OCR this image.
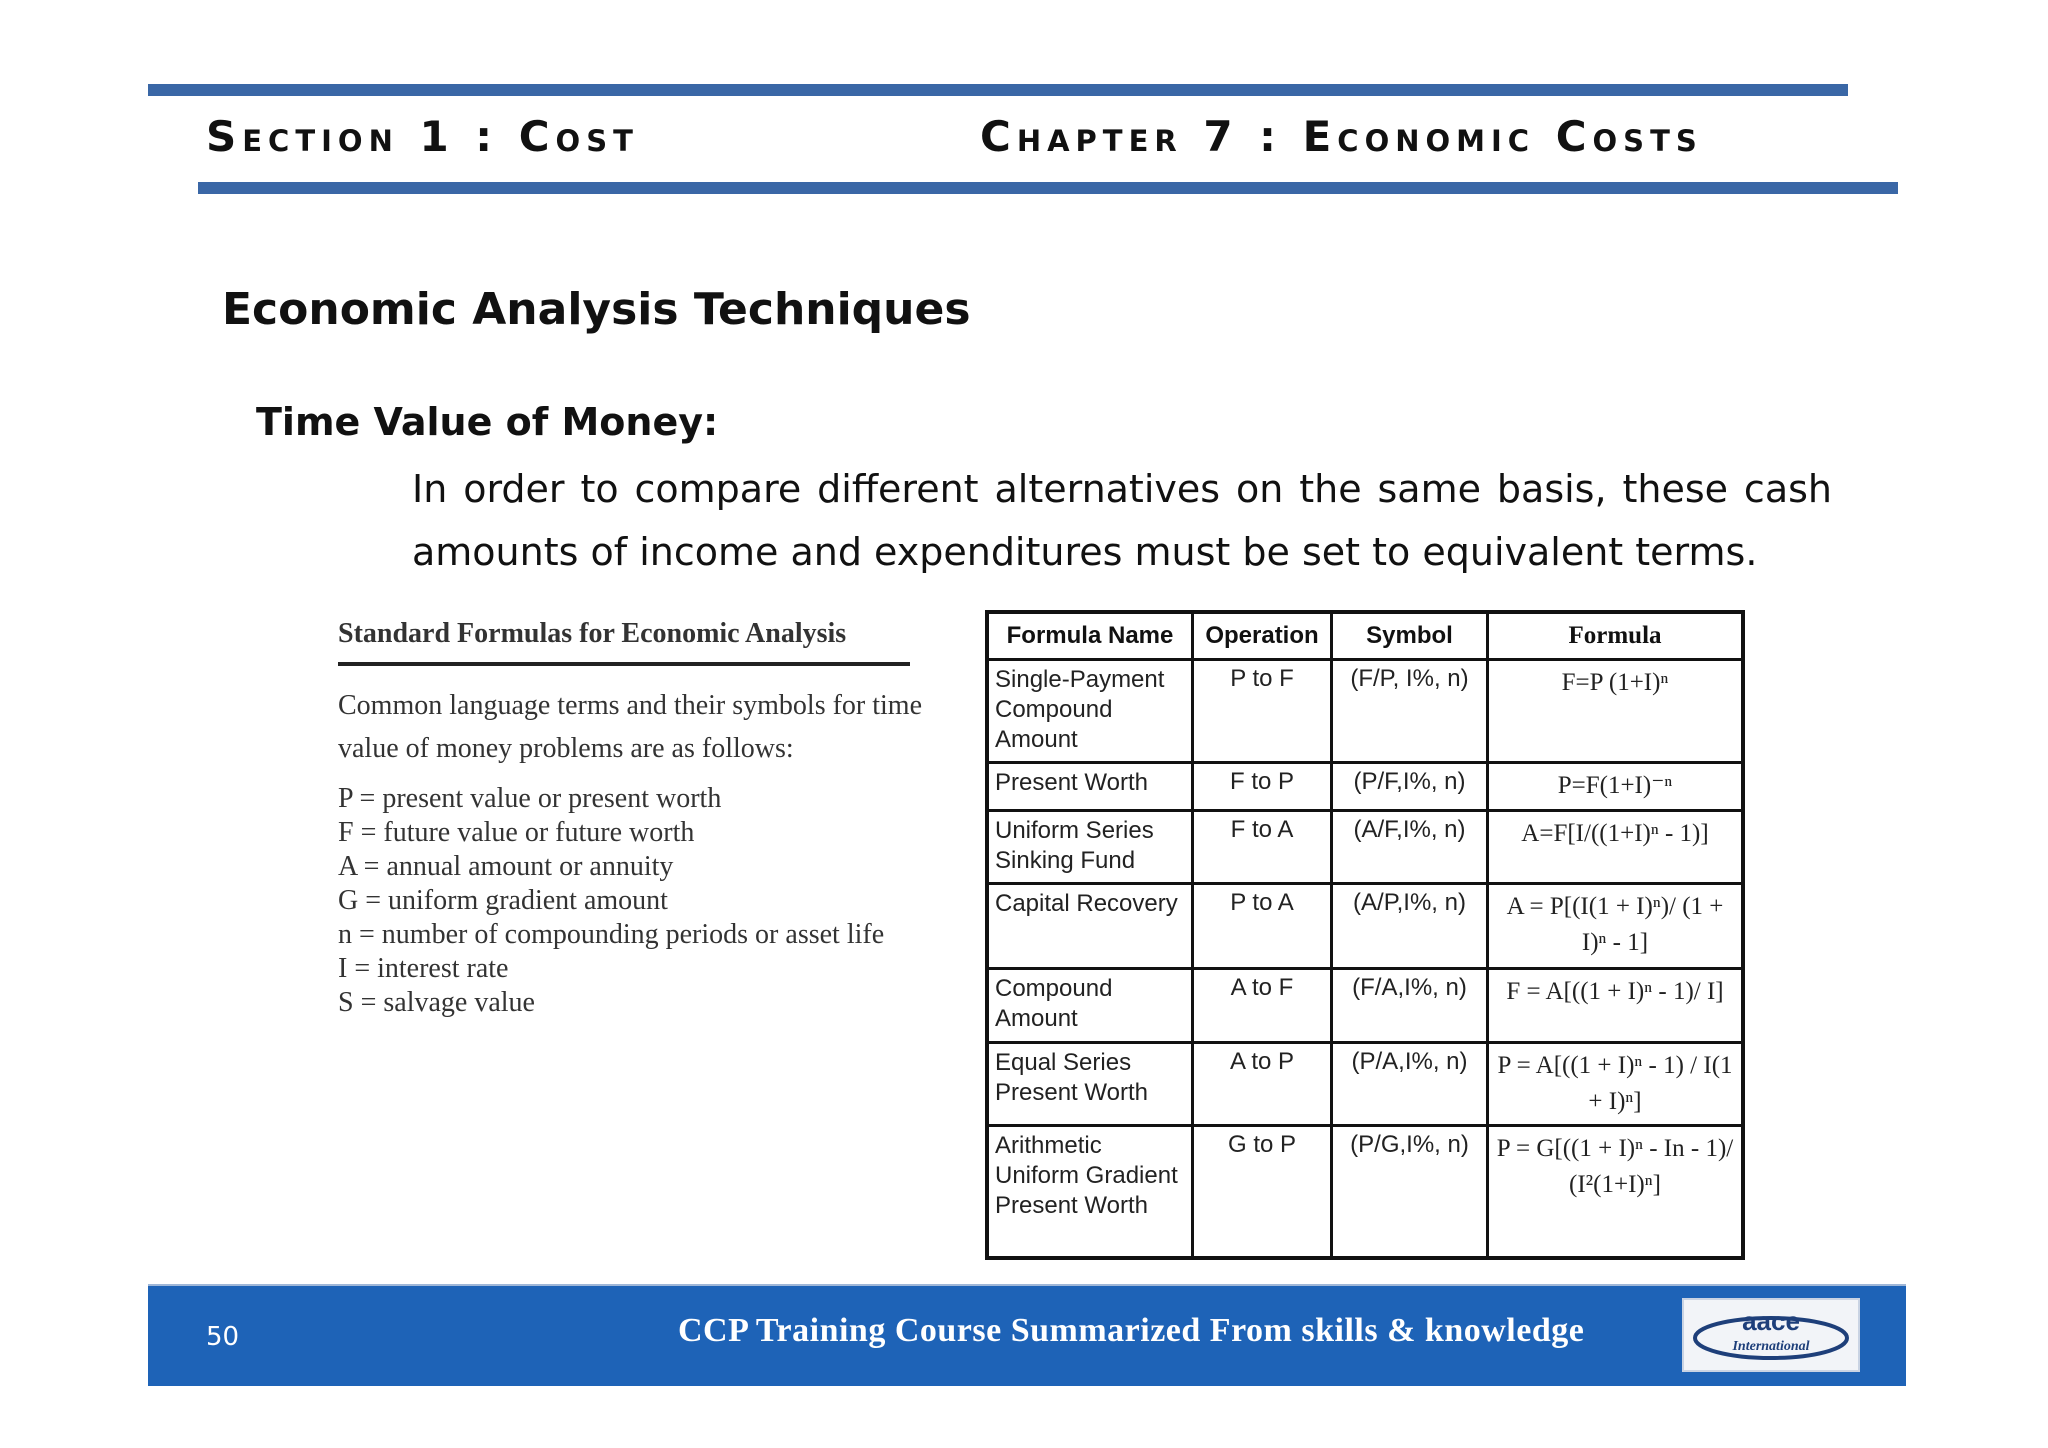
Section 1 : Cost	Chapter 7 : Economic Costs
Economic Analysis Techniques
Time Value of Money:
In order to compare different alternatives on the same basis, these cash amounts of income and expenditures must be set to equivalent terms.
Standard Formulas for Economic Analysis
Common language terms and their symbols for time value of money problems are as follows:
P = present value or present worth
F = future value or future worth
A = annual amount or annuity
G = uniform gradient amount
n = number of compounding periods or asset life
I = interest rate
S = salvage value
Formula Name	Operation	Symbol	Formula
Single-Payment Compound Amount	P to F	(F/P, I%, n)	F=P (1+I)ⁿ
Present Worth	F to P	(P/F,I%, n)	P=F(1+I)⁻ⁿ
Uniform Series Sinking Fund	F to A	(A/F,I%, n)	A=F[I/((1+I)ⁿ - 1)]
Capital Recovery	P to A	(A/P,I%, n)	A = P[(I(1 + I)ⁿ)/ (1 + I)ⁿ - 1]
Compound Amount	A to F	(F/A,I%, n)	F = A[((1 + I)ⁿ - 1)/ I]
Equal Series Present Worth	A to P	(P/A,I%, n)	P = A[((1 + I)ⁿ - 1) / I(1 + I)ⁿ]
Arithmetic Uniform Gradient Present Worth	G to P	(P/G,I%, n)	P = G[((1 + I)ⁿ - In - 1)/ (I²(1+I)ⁿ]
50	CCP Training Course Summarized From skills & knowledge	aace
International
